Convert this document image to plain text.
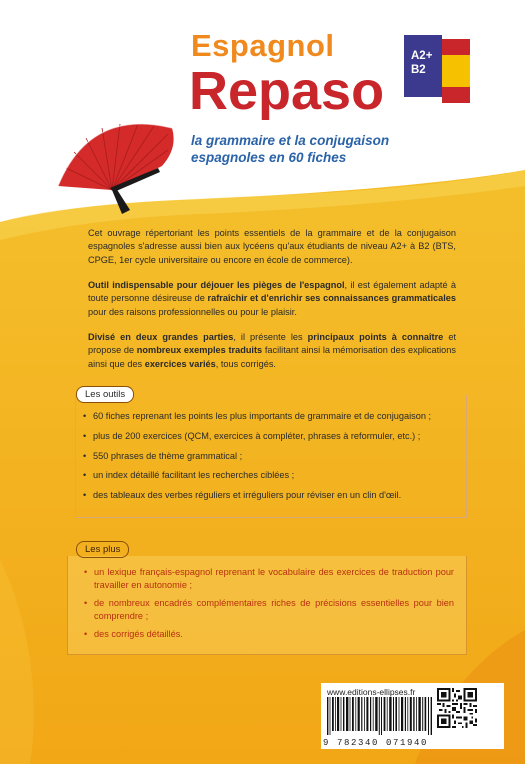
Espagnol
Repaso
la grammaire et la conjugaison
espagnoles en 60 fiches
A2+
B2
Cet ouvrage répertoriant les points essentiels de la grammaire et de la conjugaison espagnoles s'adresse aussi bien aux lycéens qu'aux étudiants de niveau A2+ à B2 (BTS, CPGE, 1er cycle universitaire ou encore en école de commerce).
Outil indispensable pour déjouer les pièges de l'espagnol, il est également adapté à toute personne désireuse de rafraîchir et d'enrichir ses connaissances grammaticales pour des raisons professionnelles ou pour le plaisir.
Divisé en deux grandes parties, il présente les principaux points à connaître et propose de nombreux exemples traduits facilitant ainsi la mémorisation des explications ainsi que des exercices variés, tous corrigés.
Les outils
• 60 fiches reprenant les points les plus importants de grammaire et de conjugaison ;
• plus de 200 exercices (QCM, exercices à compléter, phrases à reformuler, etc.) ;
• 550 phrases de thème grammatical ;
• un index détaillé facilitant les recherches ciblées ;
• des tableaux des verbes réguliers et irréguliers pour réviser en un clin d'œil.
Les plus
• un lexique français-espagnol reprenant le vocabulaire des exercices de traduction pour travailler en autonomie ;
• de nombreux encadrés complémentaires riches de précisions essentielles pour bien comprendre ;
• des corrigés détaillés.
www.editions-ellipses.fr
9 782340 071940
